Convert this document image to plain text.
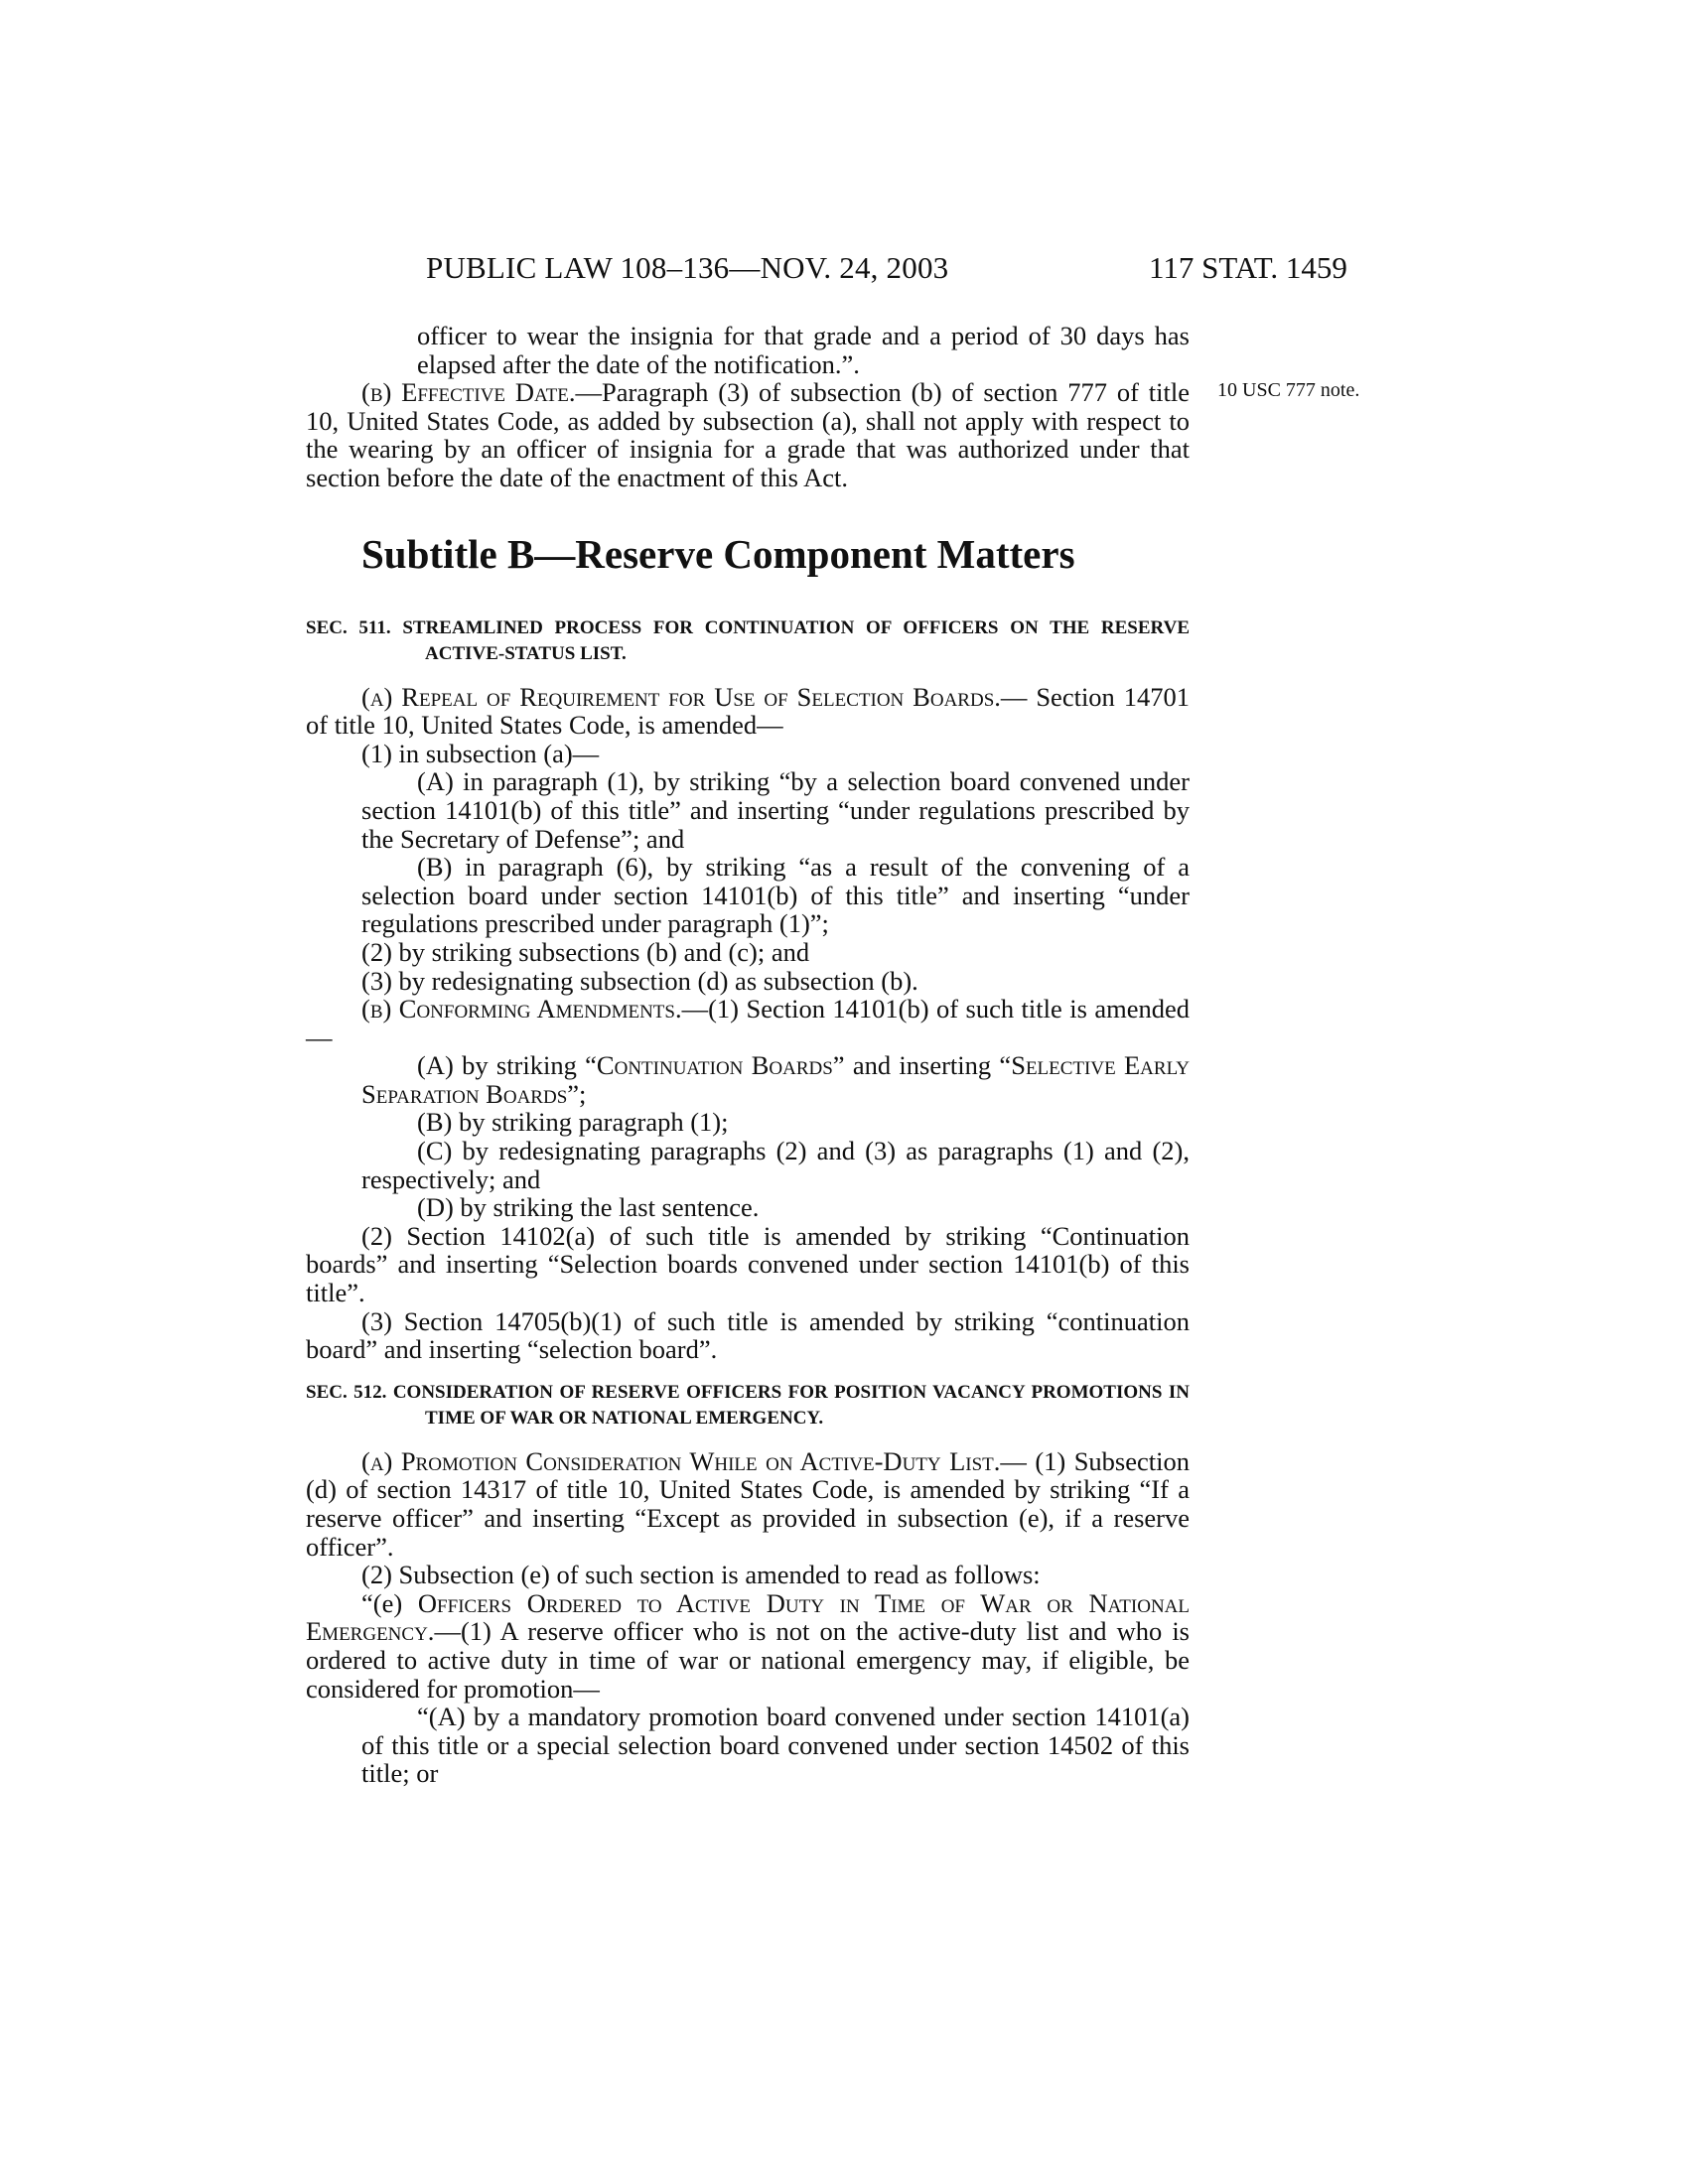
PUBLIC LAW 108–136—NOV. 24, 2003	117 STAT. 1459
10 USC 777 note.

officer to wear the insignia for that grade and a period of 30 days has elapsed after the date of the notification.”.

(b) Effective Date.—Paragraph (3) of subsection (b) of section 777 of title 10, United States Code, as added by subsection (a), shall not apply with respect to the wearing by an officer of insignia for a grade that was authorized under that section before the date of the enactment of this Act.

Subtitle B—Reserve Component Matters
SEC. 511. STREAMLINED PROCESS FOR CONTINUATION OF OFFICERS ON THE RESERVE ACTIVE-STATUS LIST.

(a) Repeal of Requirement for Use of Selection Boards.— Section 14701 of title 10, United States Code, is amended—

(1) in subsection (a)—

(A) in paragraph (1), by striking “by a selection board convened under section 14101(b) of this title” and inserting “under regulations prescribed by the Secretary of Defense”; and

(B) in paragraph (6), by striking “as a result of the convening of a selection board under section 14101(b) of this title” and inserting “under regulations prescribed under paragraph (1)”;

(2) by striking subsections (b) and (c); and

(3) by redesignating subsection (d) as subsection (b).

(b) Conforming Amendments.—(1) Section 14101(b) of such title is amended—

(A) by striking “Continuation Boards” and inserting “Selective Early Separation Boards”;

(B) by striking paragraph (1);

(C) by redesignating paragraphs (2) and (3) as paragraphs (1) and (2), respectively; and

(D) by striking the last sentence.

(2) Section 14102(a) of such title is amended by striking “Continuation boards” and inserting “Selection boards convened under section 14101(b) of this title”.

(3) Section 14705(b)(1) of such title is amended by striking “continuation board” and inserting “selection board”.

SEC. 512. CONSIDERATION OF RESERVE OFFICERS FOR POSITION VACANCY PROMOTIONS IN TIME OF WAR OR NATIONAL EMERGENCY.

(a) Promotion Consideration While on Active-Duty List.— (1) Subsection (d) of section 14317 of title 10, United States Code, is amended by striking “If a reserve officer” and inserting “Except as provided in subsection (e), if a reserve officer”.

(2) Subsection (e) of such section is amended to read as follows:

“(e) Officers Ordered to Active Duty in Time of War or National Emergency.—(1) A reserve officer who is not on the active-duty list and who is ordered to active duty in time of war or national emergency may, if eligible, be considered for promotion—

“(A) by a mandatory promotion board convened under section 14101(a) of this title or a special selection board convened under section 14502 of this title; or
